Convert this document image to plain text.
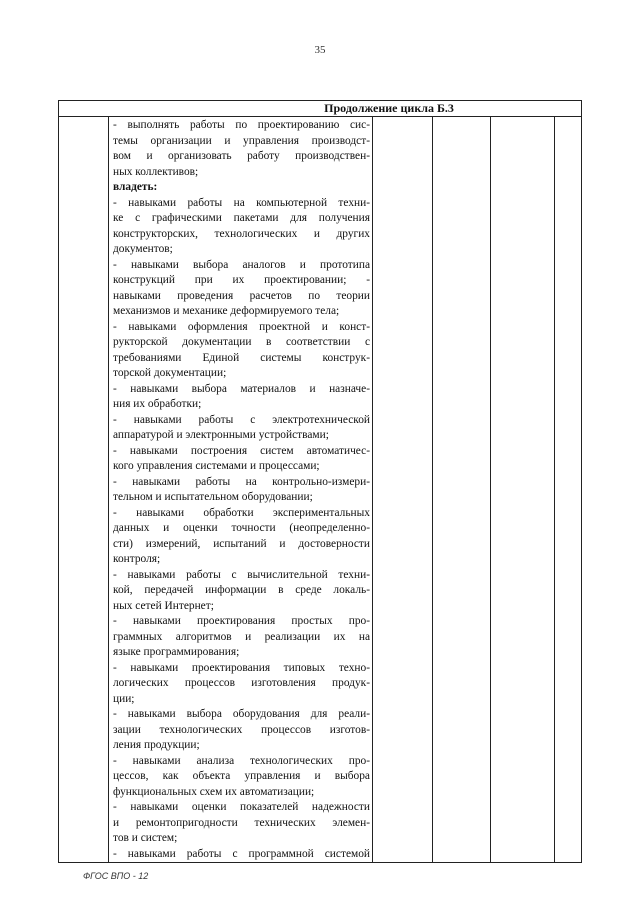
35
Продолжение цикла Б.3

- выполнять работы по проектированию сис-
темы организации и управления производст-
вом и организовать работу производствен-
ных коллективов;
владеть:
- навыками работы на компьютерной техни-
ке с графическими пакетами для получения
конструкторских, технологических и других
документов;
- навыками выбора аналогов и прототипа
конструкций при их проектировании; -
навыками проведения расчетов по теории
механизмов и механике деформируемого тела;
- навыками оформления проектной и конст-
рукторской документации в соответствии с
требованиями Единой системы конструк-
торской документации;
- навыками выбора материалов и назначе-
ния их обработки;
- навыками работы с электротехнической
аппаратурой и электронными устройствами;
- навыками построения систем автоматичес-
кого управления системами и процессами;
- навыками работы на контрольно-измери-
тельном и испытательном оборудовании;
- навыками обработки экспериментальных
данных и оценки точности (неопределенно-
сти) измерений, испытаний и достоверности
контроля;
- навыками работы с вычислительной техни-
кой, передачей информации в среде локаль-
ных сетей Интернет;
- навыками проектирования простых про-
граммных алгоритмов и реализации их на
языке программирования;
- навыками проектирования типовых техно-
логических процессов изготовления продук-
ции;
- навыками выбора оборудования для реали-
зации технологических процессов изготов-
ления продукции;
- навыками анализа технологических про-
цессов, как объекта управления и выбора
функциональных схем их автоматизации;
- навыками оценки показателей надежности
и ремонтопригодности технических элемен-
тов и систем;
- навыками работы с программной системой

ФГОС ВПО - 12
